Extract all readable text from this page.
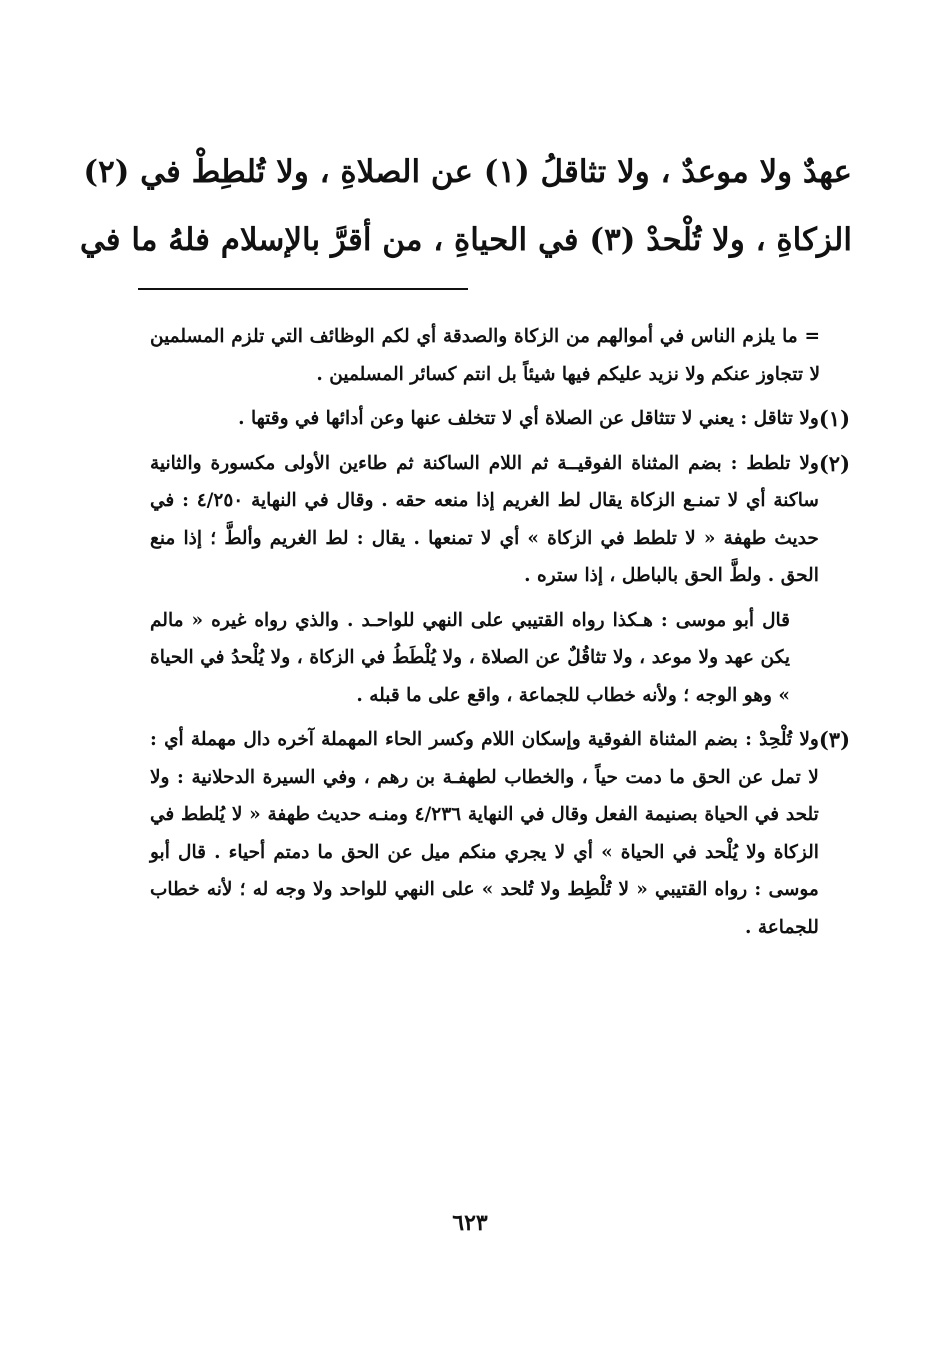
عهدٌ ولا موعدٌ ، ولا تثاقلُ (١) عن الصلاةِ ، ولا تُلطِطْ في (٢)
الزكاةِ ، ولا تُلْحدْ (٣) في الحياةِ ، من أقرَّ بالإسلام فلهُ ما في

= ما يلزم الناس في أموالهم من الزكاة والصدقة أي لكم الوظائف التي تلزم المسلمين لا تتجاوز عنكم ولا نزيد عليكم فيها شيئاً بل انتم كسائر المسلمين .

(١)
ولا تثاقل : يعني لا تتثاقل عن الصلاة أي لا تتخلف عنها وعن أدائها في وقتها .
(٢)
ولا تلطط : بضم المثناة الفوقيــة ثم اللام الساكنة ثم طاءين الأولى مكسورة والثانية ساكنة أي لا تمنـع الزكاة يقال لط الغريم إذا منعه حقه . وقال في النهاية ٤/٢٥٠ : في حديث طهفة « لا تلطط في الزكاة » أي لا تمنعها . يقال : لط الغريم وألطَّ ؛ إذا منع الحق . ولطَّ الحق بالباطل ، إذا ستره .

قال أبو موسى : هـكذا رواه القتيبي على النهي للواحـد . والذي رواه غيره « مالم يكن عهد ولا موعد ، ولا تثاقُلٌ عن الصلاة ، ولا يُلْطَطُ في الزكاة ، ولا يُلْحدُ في الحياة » وهو الوجه ؛ ولأنه خطاب للجماعة ، واقع على ما قبله .

(٣)
ولا تُلْحِدْ : بضم المثناة الفوقية وإسكان اللام وكسر الحاء المهملة آخره دال مهملة أي : لا تمل عن الحق ما دمت حياً ، والخطاب لطهفـة بن رهم ، وفي السيرة الدحلانية : ولا تلحد في الحياة بصنيمة الفعل وقال في النهاية ٤/٢٣٦ ومنـه حديث طهفة « لا يُلطط في الزكاة ولا يُلْحد في الحياة » أي لا يجري منكم ميل عن الحق ما دمتم أحياء . قال أبو موسى : رواه القتيبي « لا تُلْطِط ولا تُلحد » على النهي للواحد ولا وجه له ؛ لأنه خطاب للجماعة .
٦٢٣
